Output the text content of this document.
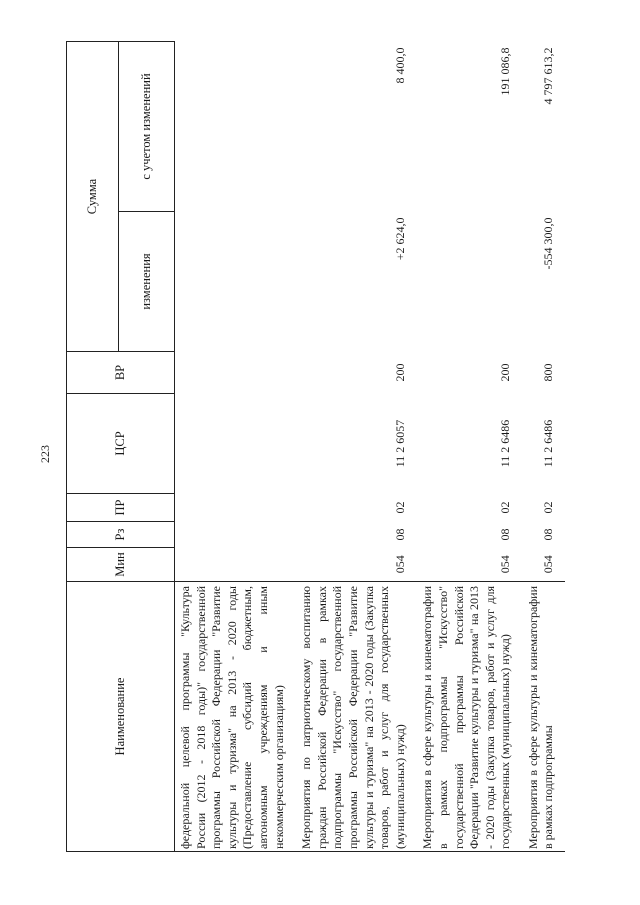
223
Наименование	Мин	Рз	ПР	ЦСР	ВР	Сумма	
						изменения	с учетом изменений
федеральной целевой программы "Культура России (2012 - 2018 годы)" государственной программы Российской Федерации "Развитие культуры и туризма" на 2013 - 2020 годы (Предоставление субсидий бюджетным, автономным учреждениям и иным некоммерческим организациям)							
Мероприятия по патриотическому воспитанию граждан Российской Федерации в рамках подпрограммы "Искусство" государственной программы Российской Федерации "Развитие культуры и туризма" на 2013 - 2020 годы (Закупка товаров, работ и услуг для государственных (муниципальных) нужд)	054	08	02	11 2 6057	200	+2 624,0	8 400,0
Мероприятия в сфере культуры и кинематографии в рамках подпрограммы "Искусство" государственной программы Российской Федерации "Развитие культуры и туризма" на 2013 - 2020 годы (Закупка товаров, работ и услуг для государственных (муниципальных) нужд)	054	08	02	11 2 6486	200		191 086,8
Мероприятия в сфере культуры и кинематографии в рамках подпрограммы	054	08	02	11 2 6486	800	-554 300,0	4 797 613,2
